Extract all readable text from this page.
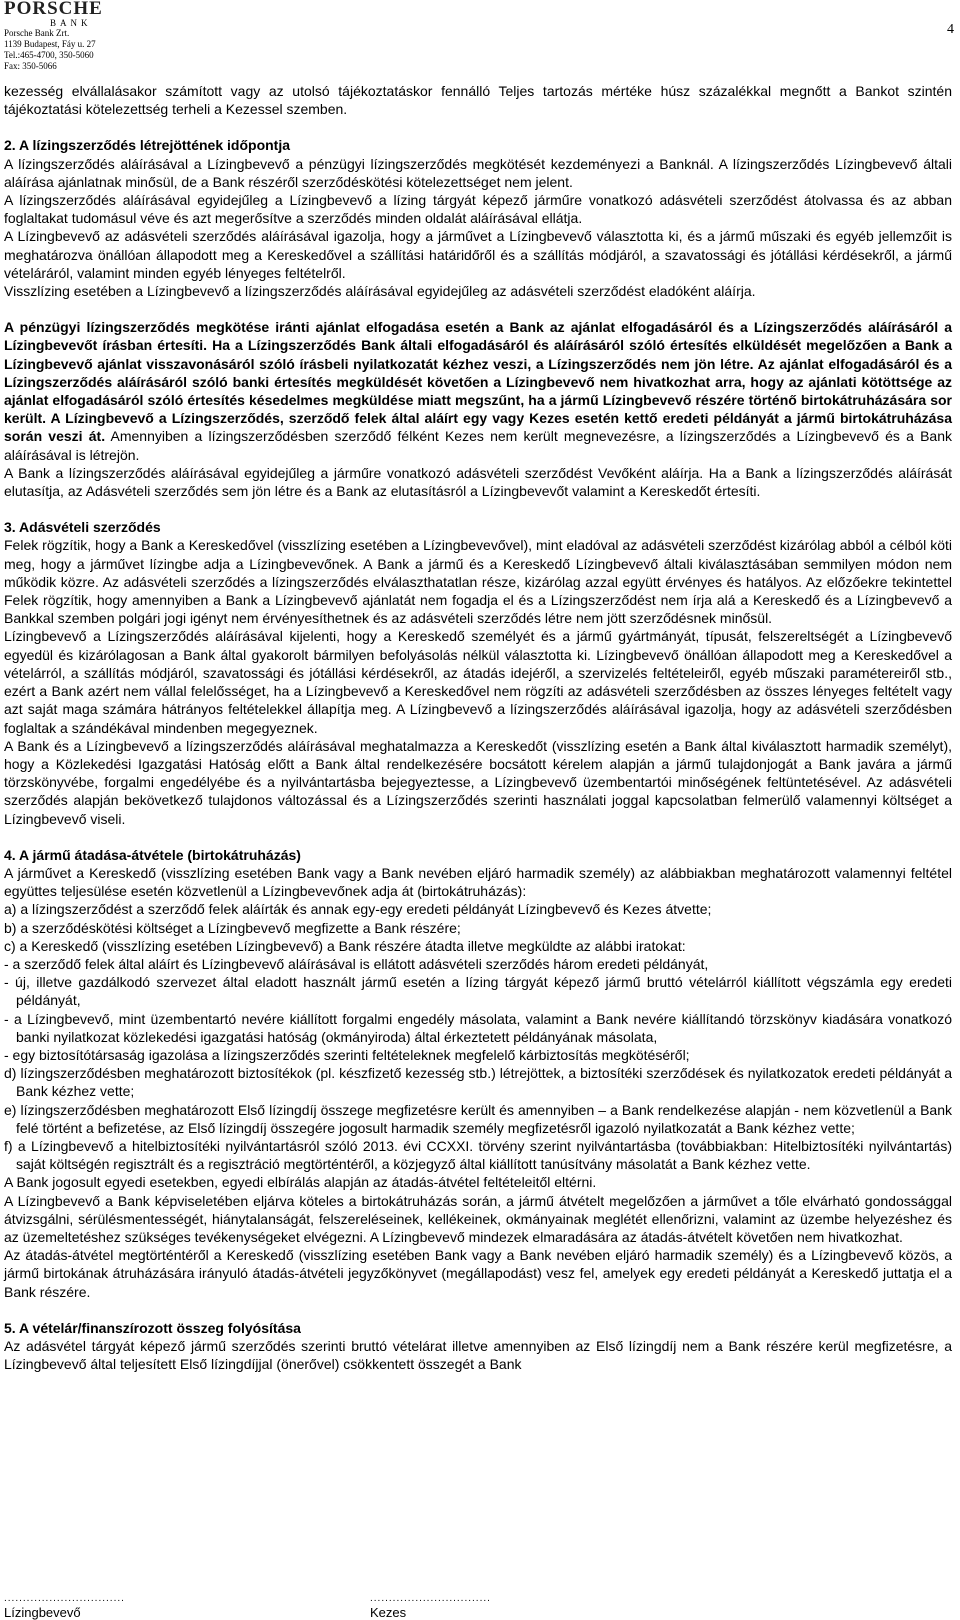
PORSCHE
BANK
Porsche Bank Zrt.
1139 Budapest, Fáy u. 27
Tel.:465-4700, 350-5060
Fax: 350-5066
4

kezesség elvállalásakor számított vagy az utolsó tájékoztatáskor fennálló Teljes tartozás mértéke húsz százalékkal megnőtt a Bankot szintén tájékoztatási kötelezettség terheli a Kezessel szemben.

2. A lízingszerződés létrejöttének időpontja

A lízingszerződés aláírásával a Lízingbevevő a pénzügyi lízingszerződés megkötését kezdeményezi a Banknál. A lízingszerződés Lízingbevevő általi aláírása ajánlatnak minősül, de a Bank részéről szerződéskötési kötelezettséget nem jelent.

A lízingszerződés aláírásával egyidejűleg a Lízingbevevő a lízing tárgyát képező járműre vonatkozó adásvételi szerződést átolvassa és az abban foglaltakat tudomásul véve és azt megerősítve a szerződés minden oldalát aláírásával ellátja.

A Lízingbevevő az adásvételi szerződés aláírásával igazolja, hogy a járművet a Lízingbevevő választotta ki, és a jármű műszaki és egyéb jellemzőit is meghatározva önállóan állapodott meg a Kereskedővel a szállítási határidőről és a szállítás módjáról, a szavatossági és jótállási kérdésekről, a jármű vételáráról, valamint minden egyéb lényeges feltételről.

Visszlízing esetében a Lízingbevevő a lízingszerződés aláírásával egyidejűleg az adásvételi szerződést eladóként aláírja.

A pénzügyi lízingszerződés megkötése iránti ajánlat elfogadása esetén a Bank az ajánlat elfogadásáról és a Lízingszerződés aláírásáról a Lízingbevevőt írásban értesíti. Ha a Lízingszerződés Bank általi elfogadásáról és aláírásáról szóló értesítés elküldését megelőzően a Bank a Lízingbevevő ajánlat visszavonásáról szóló írásbeli nyilatkozatát kézhez veszi, a Lízingszerződés nem jön létre. Az ajánlat elfogadásáról és a Lízingszerződés aláírásáról szóló banki értesítés megküldését követően a Lízingbevevő nem hivatkozhat arra, hogy az ajánlati kötöttsége az ajánlat elfogadásáról szóló értesítés késedelmes megküldése miatt megszűnt, ha a jármű Lízingbevevő részére történő birtokátruházására sor került. A Lízingbevevő a Lízingszerződés, szerződő felek által aláírt egy vagy Kezes esetén kettő eredeti példányát a jármű birtokátruházása során veszi át. Amennyiben a lízingszerződésben szerződő félként Kezes nem került megnevezésre, a lízingszerződés a Lízingbevevő és a Bank aláírásával is létrejön.

A Bank a lízingszerződés aláírásával egyidejűleg a járműre vonatkozó adásvételi szerződést Vevőként aláírja. Ha a Bank a lízingszerződés aláírását elutasítja, az Adásvételi szerződés sem jön létre és a Bank az elutasításról a Lízingbevevőt valamint a Kereskedőt értesíti.

3. Adásvételi szerződés

Felek rögzítik, hogy a Bank a Kereskedővel (visszlízing esetében a Lízingbevevővel), mint eladóval az adásvételi szerződést kizárólag abból a célból köti meg, hogy a járművet lízingbe adja a Lízingbevevőnek. A Bank a jármű és a Kereskedő Lízingbevevő általi kiválasztásában semmilyen módon nem működik közre. Az adásvételi szerződés a lízingszerződés elválaszthatatlan része, kizárólag azzal együtt érvényes és hatályos. Az előzőekre tekintettel Felek rögzítik, hogy amennyiben a Bank a Lízingbevevő ajánlatát nem fogadja el és a Lízingszerződést nem írja alá a Kereskedő és a Lízingbevevő a Bankkal szemben polgári jogi igényt nem érvényesíthetnek és az adásvételi szerződés létre nem jött szerződésnek minősül.

Lízingbevevő a Lízingszerződés aláírásával kijelenti, hogy a Kereskedő személyét és a jármű gyártmányát, típusát, felszereltségét a Lízingbevevő egyedül és kizárólagosan a Bank által gyakorolt bármilyen befolyásolás nélkül választotta ki. Lízingbevevő önállóan állapodott meg a Kereskedővel a vételárról, a szállítás módjáról, szavatossági és jótállási kérdésekről, az átadás idejéről, a szervizelés feltételeiről, egyéb műszaki paramétereiről stb., ezért a Bank azért nem vállal felelősséget, ha a Lízingbevevő a Kereskedővel nem rögzíti az adásvételi szerződésben az összes lényeges feltételt vagy azt saját maga számára hátrányos feltételekkel állapítja meg. A Lízingbevevő a lízingszerződés aláírásával igazolja, hogy az adásvételi szerződésben foglaltak a szándékával mindenben megegyeznek.

A Bank és a Lízingbevevő a lízingszerződés aláírásával meghatalmazza a Kereskedőt (visszlízing esetén a Bank által kiválasztott harmadik személyt), hogy a Közlekedési Igazgatási Hatóság előtt a Bank által rendelkezésére bocsátott kérelem alapján a jármű tulajdonjogát a Bank javára a jármű törzskönyvébe, forgalmi engedélyébe és a nyilvántartásba bejegyeztesse, a Lízingbevevő üzembentartói minőségének feltüntetésével. Az adásvételi szerződés alapján bekövetkező tulajdonos változással és a Lízingszerződés szerinti használati joggal kapcsolatban felmerülő valamennyi költséget a Lízingbevevő viseli.

4. A jármű átadása-átvétele (birtokátruházás)

A járművet a Kereskedő (visszlízing esetében Bank vagy a Bank nevében eljáró harmadik személy) az alábbiakban meghatározott valamennyi feltétel együttes teljesülése esetén közvetlenül a Lízingbevevőnek adja át (birtokátruházás):

a) a lízingszerződést a szerződő felek aláírták és annak egy-egy eredeti példányát Lízingbevevő és Kezes átvette;

b) a szerződéskötési költséget a Lízingbevevő megfizette a Bank részére;

c) a Kereskedő (visszlízing esetében Lízingbevevő) a Bank részére átadta illetve megküldte az alábbi iratokat:

- a szerződő felek által aláírt és Lízingbevevő aláírásával is ellátott adásvételi szerződés három eredeti példányát,

- új, illetve gazdálkodó szervezet által eladott használt jármű esetén a lízing tárgyát képező jármű bruttó vételárról kiállított végszámla egy eredeti példányát,

- a Lízingbevevő, mint üzembentartó nevére kiállított forgalmi engedély másolata, valamint a Bank nevére kiállítandó törzskönyv kiadására vonatkozó banki nyilatkozat közlekedési igazgatási hatóság (okmányiroda) által érkeztetett példányának másolata,

- egy biztosítótársaság igazolása a lízingszerződés szerinti feltételeknek megfelelő kárbiztosítás megkötéséről;

d) lízingszerződésben meghatározott biztosítékok (pl. készfizető kezesség stb.) létrejöttek, a biztosítéki szerződések és nyilatkozatok eredeti példányát a Bank kézhez vette;

e) lízingszerződésben meghatározott Első lízingdíj összege megfizetésre került és amennyiben – a Bank rendelkezése alapján - nem közvetlenül a Bank felé történt a befizetése, az Első lízingdíj összegére jogosult harmadik személy megfizetésről igazoló nyilatkozatát a Bank kézhez vette;

f) a Lízingbevevő a hitelbiztosítéki nyilvántartásról szóló 2013. évi CCXXI. törvény szerint nyilvántartásba (továbbiakban: Hitelbiztosítéki nyilvántartás) saját költségén regisztrált és a regisztráció megtörténtéről, a közjegyző által kiállított tanúsítvány másolatát a Bank kézhez vette.

A Bank jogosult egyedi esetekben, egyedi elbírálás alapján az átadás-átvétel feltételeitől eltérni.

A Lízingbevevő a Bank képviseletében eljárva köteles a birtokátruházás során, a jármű átvételt megelőzően a járművet a tőle elvárható gondossággal átvizsgálni, sérülésmentességét, hiánytalanságát, felszereléseinek, kellékeinek, okmányainak meglétét ellenőrizni, valamint az üzembe helyezéshez és az üzemeltetéshez szükséges tevékenységeket elvégezni. A Lízingbevevő mindezek elmaradására az átadás-átvételt követően nem hivatkozhat.

Az átadás-átvétel megtörténtéről a Kereskedő (visszlízing esetében Bank vagy a Bank nevében eljáró harmadik személy) és a Lízingbevevő közös, a jármű birtokának átruházására irányuló átadás-átvételi jegyzőkönyvet (megállapodást) vesz fel, amelyek egy eredeti példányát a Kereskedő juttatja el a Bank részére.

5. A vételár/finanszírozott összeg folyósítása

Az adásvétel tárgyát képező jármű szerződés szerinti bruttó vételárat illetve amennyiben az Első lízingdíj nem a Bank részére kerül megfizetésre, a Lízingbevevő által teljesített Első lízingdíjjal (önerővel) csökkentett összegét a Bank

................................
Lízingbevevő
................................
Kezes
